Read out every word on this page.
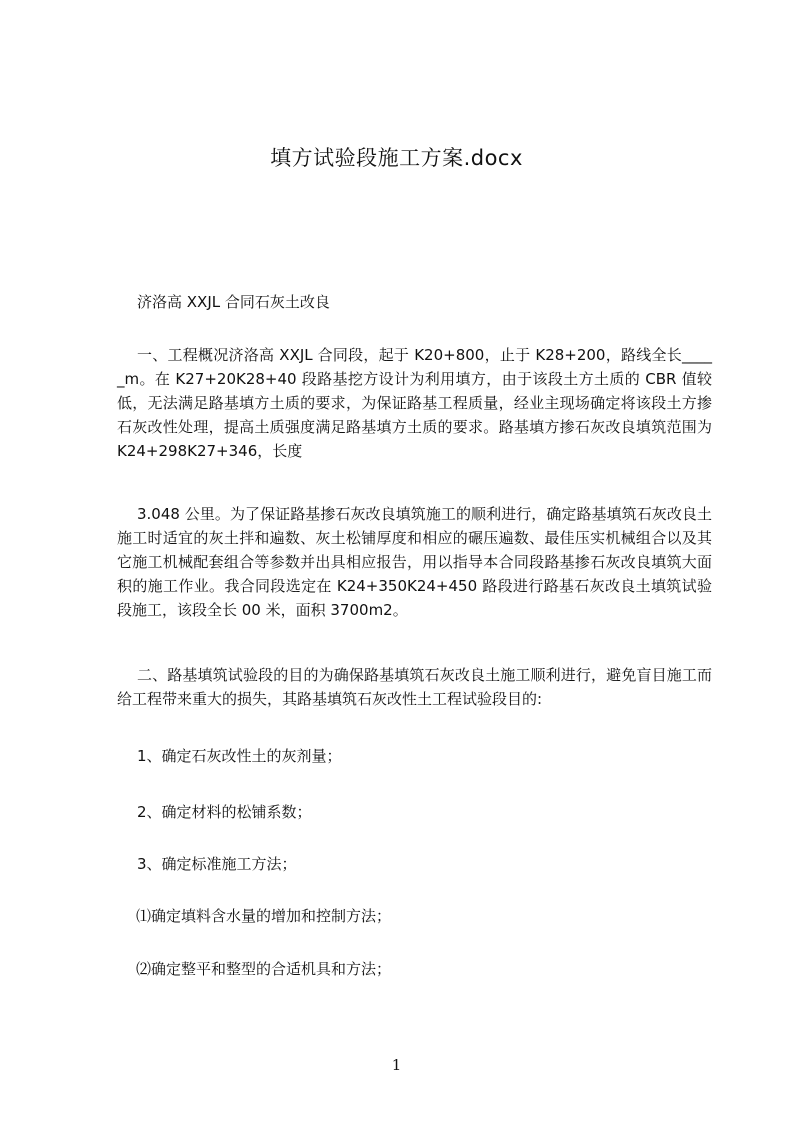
填方试验段施工方案.docx

济洛高 XXJL 合同石灰土改良

一、工程概况济洛高 XXJL 合同段，起于 K20+800，止于 K28+200，路线全长_____m。在 K27+20K28+40 段路基挖方设计为利用填方，由于该段土方土质的 CBR 值较低，无法满足路基填方土质的要求，为保证路基工程质量，经业主现场确定将该段土方掺石灰改性处理，提高土质强度满足路基填方土质的要求。路基填方掺石灰改良填筑范围为 K24+298K27+346，长度

3.048 公里。为了保证路基掺石灰改良填筑施工的顺利进行，确定路基填筑石灰改良土施工时适宜的灰土拌和遍数、灰土松铺厚度和相应的碾压遍数、最佳压实机械组合以及其它施工机械配套组合等参数并出具相应报告，用以指导本合同段路基掺石灰改良填筑大面积的施工作业。我合同段选定在 K24+350K24+450 路段进行路基石灰改良土填筑试验段施工，该段全长 00 米，面积 3700m2。

二、路基填筑试验段的目的为确保路基填筑石灰改良土施工顺利进行，避免盲目施工而给工程带来重大的损失，其路基填筑石灰改性土工程试验段目的:

1、确定石灰改性土的灰剂量；

2、确定材料的松铺系数；

3、确定标准施工方法；

⑴确定填料含水量的增加和控制方法；

⑵确定整平和整型的合适机具和方法；

1
